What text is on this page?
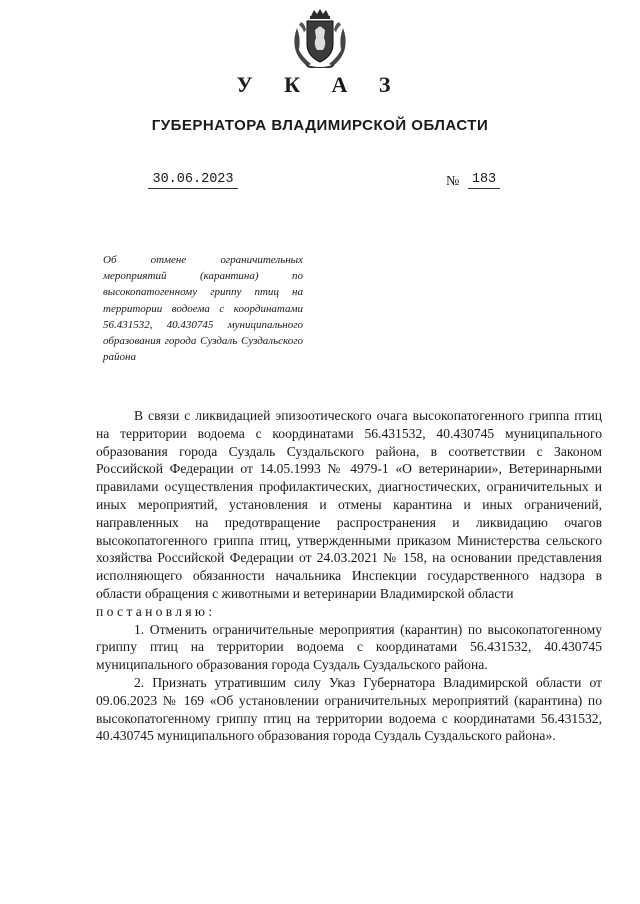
У К А З
ГУБЕРНАТОРА ВЛАДИМИРСКОЙ ОБЛАСТИ
30.06.2023	№ 183
Об отмене ограничительных мероприятий (карантина) по высокопатогенному гриппу птиц на территории водоема с координатами 56.431532, 40.430745 муниципального образования города Суздаль Суздальского района

В связи с ликвидацией эпизоотического очага высокопатогенного гриппа птиц на территории водоема с координатами 56.431532, 40.430745 муниципального образования города Суздаль Суздальского района, в соответствии с Законом Российской Федерации от 14.05.1993 № 4979-1 «О ветеринарии», Ветеринарными правилами осуществления профилактических, диагностических, ограничительных и иных мероприятий, установления и отмены карантина и иных ограничений, направленных на предотвращение распространения и ликвидацию очагов высокопатогенного гриппа птиц, утвержденными приказом Министерства сельского хозяйства Российской Федерации от 24.03.2021 № 158, на основании представления исполняющего обязанности начальника Инспекции государственного надзора в области обращения с животными и ветеринарии Владимирской области

постановляю:

1. Отменить ограничительные мероприятия (карантин) по высокопатогенному гриппу птиц на территории водоема с координатами 56.431532, 40.430745 муниципального образования города Суздаль Суздальского района.

2. Признать утратившим силу Указ Губернатора Владимирской области от 09.06.2023 № 169 «Об установлении ограничительных мероприятий (карантина) по высокопатогенному гриппу птиц на территории водоема с координатами 56.431532, 40.430745 муниципального образования города Суздаль Суздальского района».
